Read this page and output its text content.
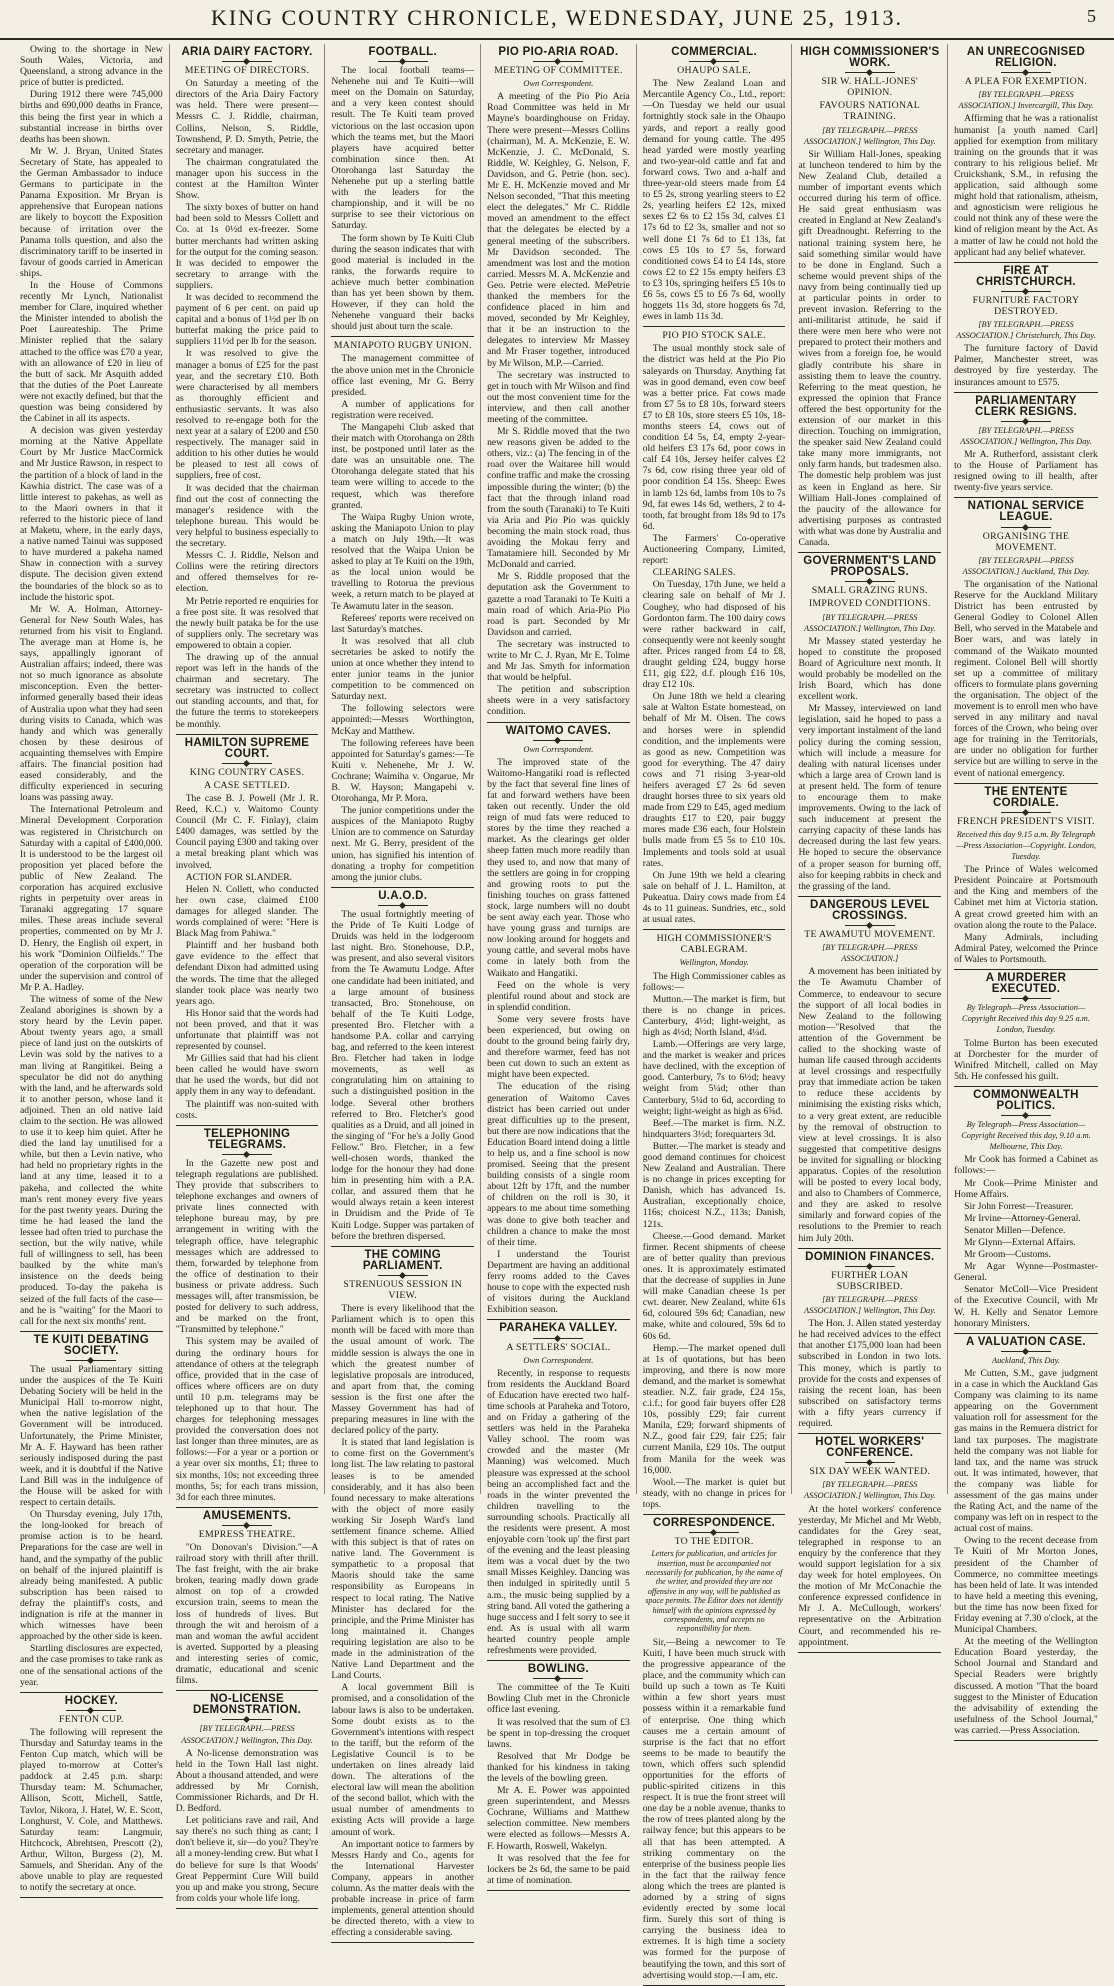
KING COUNTRY CHRONICLE, WEDNESDAY, JUNE 25, 1913.	5
Owing to the shortage in New South Wales, Victoria, and Queensland, a strong advance in the price of butter is predicted.
During 1912 there were 745,000 births and 690,000 deaths in France, this being the first year in which a substantial increase in births over deaths has been shown.
Mr W. J. Bryan, United States Secretary of State, has appealed to the German Ambassador to induce Germans to participate in the Panama Exposition. Mr Bryan is apprehensive that European nations are likely to boycott the Exposition because of irritation over the Panama tolls question, and also the discriminatory tariff to be inserted in favour of goods carried in American ships.
In the House of Commons recently Mr Lynch, Nationalist member for Clare, inquired whether the Minister intended to abolish the Poet Laureateship. The Prime Minister replied that the salary attached to the office was £70 a year, with an allowance of £20 in lieu of the butt of sack. Mr Asquith added that the duties of the Poet Laureate were not exactly defined, but that the question was being considered by the Cabinet in all its aspects.
A decision was given yesterday morning at the Native Appellate Court by Mr Justice MacCormick and Mr Justice Rawson, in respect to the partition of a block of land in the Kawhia district. The case was of a little interest to pakehas, as well as to the Maori owners in that it referred to the historic piece of land at Maketu, where, in the early days, a native named Tainui was supposed to have murdered a pakeha named Shaw in connection with a survey dispute. The decision given extend the boundaries of the block so as to include the historic spot.
Mr W. A. Holman, Attorney-General for New South Wales, has returned from his visit to England. The average man at Home is, he says, appallingly ignorant of Australian affairs; indeed, there was not so much ignorance as absolute misconception. Even the better-informed generally based their ideas of Australia upon what they had seen during visits to Canada, which was handy and which was generally chosen by these desirous of acquainting themselves with Empire affairs. The financial position had eased considerably, and the difficulty experienced in securing loans was passing away.
The International Petroleum and Mineral Development Corporation was registered in Christchurch on Saturday with a capital of £400,000. It is understood to be the largest oil proposition yet placed before the public of New Zealand. The corporation has acquired exclusive rights in perpetuity over areas in Taranaki aggregating 17 square miles. These areas include several properties, commented on by Mr J. D. Henry, the English oil expert, in his work "Dominion Oilfields." The operation of the corporation will be under the supervision and control of Mr P. A. Hadley.
The witness of some of the New Zealand aborigines is shown by a story heard by the Levin paper. About twenty years ago, a small piece of land just on the outskirts of Levin was sold by the natives to a man living at Rangitikei. Being a speculator he did not do anything with the land, and he afterwards sold it to another person, whose land it adjoined. Then an old native laid claim to the section. He was allowed to use it to keep him quiet. After he died the land lay unutilised for a while, but then a Levin native, who had held no proprietary rights in the land at any time, leased it to a pakeha, and collected the white man's rent money every five years for the past twenty years. During the time he had leased the land the lessee had often tried to purchase the section, but the wily native, while full of willingness to sell, has been baulked by the white man's insistence on the deeds being produced. To-day the pakeha is seized of the full facts of the case—and he is "waiting" for the Maori to call for the next six months' rent.
TE KUITI DEBATING SOCIETY.
The usual Parliamentary sitting under the auspices of the Te Kuiti Debating Society will be held in the Municipal Hall to-morrow night, when the native legislation of the Government will be introduced. Unfortunately, the Prime Minister, Mr A. F. Hayward has been rather seriously indisposed during the past week, and it is doubtful if the Native Land Bill was in the indulgence of the House will be asked for with respect to certain details.
On Thursday evening, July 17th, the long-looked for breach of promise action is to be heard. Preparations for the case are well in hand, and the sympathy of the public on behalf of the injured plaintiff is already being manifested. A public subscription has been raised to defray the plaintiff's costs, and indignation is rife at the manner in which witnesses have been approached by the other side is keen.
Startling disclosures are expected, and the case promises to take rank as one of the sensational actions of the year.
HOCKEY.
FENTON CUP.
The following will represent the Thursday and Saturday teams in the Fenton Cup match, which will be played to-morrow at Cotter's paddock at 2.45 p.m. sharp: Thursday team: M. Schumacher, Allison, Scott, Michell, Sattle, Tavlor, Nikora, J. Hatel, W. E. Scott, Longhurst, V. Cole, and Matthews. Saturday team: Langmuir, Hitchcock, Abrehtsen, Prescott (2), Arthur, Wilton, Burgess (2), M. Samuels, and Sheridan. Any of the above unable to play are requested to notify the secretary at once.
ARIA DAIRY FACTORY.
MEETING OF DIRECTORS.
On Saturday a meeting of the directors of the Aria Dairy Factory was held. There were present—Messrs C. J. Riddle, chairman, Collins, Nelson, S. Riddle, Townshend, P. D. Smyth, Petrie, the secretary and manager.
The chairman congratulated the manager upon his success in the contest at the Hamilton Winter Show.
The sixty boxes of butter on hand had been sold to Messrs Collett and Co. at 1s 0½d ex-freezer. Some butter merchants had written asking for the output for the coming season. It was decided to empower the secretary to arrange with the suppliers.
It was decided to recommend the payment of 6 per cent. on paid up capital and a bonus of 1½d per lb on butterfat making the price paid to suppliers 11½d per lb for the season.
It was resolved to give the manager a bonus of £25 for the past year, and the secretary £10. Both were characterised by all members as thoroughly efficient and enthusiastic servants. It was also resolved to re-engage both for the next year at a salary of £200 and £50 respectively. The manager said in addition to his other duties he would be pleased to test all cows of suppliers, free of cost.
It was decided that the chairman find out the cost of connecting the manager's residence with the telephone bureau. This would be very helpful to business especially to the secretary.
Messrs C. J. Riddle, Nelson and Collins were the retiring directors and offered themselves for re-election.
Mr Petrie reported re enquiries for a free post site. It was resolved that the newly built pataka be for the use of suppliers only. The secretary was empowered to obtain a copier.
The drawing up of the annual report was left in the hands of the chairman and secretary. The secretary was instructed to collect out standing accounts, and that, for the future the terms to storekeepers be monthly.
HAMILTON SUPREME COURT.
KING COUNTRY CASES.
A CASE SETTLED.
The case B. J. Powell (Mr J. R. Reed, K.C.) v. Waitomo County Council (Mr C. F. Finlay), claim £400 damages, was settled by the Council paying £300 and taking over a metal breaking plant which was involved.
ACTION FOR SLANDER.
Helen N. Collett, who conducted her own case, claimed £100 damages for alleged slander. The words complained of were: "Here is Black Mag from Pahiwa."
Plaintiff and her husband both gave evidence to the effect that defendant Dixon had admitted using the words. The time that the alleged slander took place was nearly two years ago.
His Honor said that the words had not been proved, and that it was unfortunate that plaintiff was not represented by counsel.
Mr Gillies said that had his client been called he would have sworn that he used the words, but did not apply them in any way to defendant.
The plaintiff was non-suited with costs.
TELEPHONING TELEGRAMS.
In the Gazette new post and telegraph regulations are published. They provide that subscribers to telephone exchanges and owners of private lines connected with telephone bureau may, by pre arrangement in writing with the telegraph office, have telegraphic messages which are addressed to them, forwarded by telephone from the office of destination to their business or private address. Such messages will, after transmission, be posted for delivery to such address, and be marked on the front, "Transmitted by telephone."
This system may be availed of during the ordinary hours for attendance of others at the telegraph office, provided that in the case of offices where officers are on duty until 10 p.m. telegrams may be telephoned up to that hour. The charges for telephoning messages provided the conversation does not last longer than three minutes, are as follows:—For a year or a portion or a year over six months, £1; three to six months, 10s; not exceeding three months, 5s; for each trans mission, 3d for each three minutes.
AMUSEMENTS.
EMPRESS THEATRE.
"On Donovan's Division."—A railroad story with thrill after thrill. The fast freight, with the air brake broken, tearing madly down grade almost on top of a crowded excursion train, seems to mean the loss of hundreds of lives. But through the wit and heroism of a man and woman the awful accident is averted. Supported by a pleasing and interesting series of comic, dramatic, educational and scenic films.
NO-LICENSE DEMONSTRATION.
[BY TELEGRAPH.—PRESS ASSOCIATION.] Wellington, This Day.
A No-license demonstration was held in the Town Hall last night. About a thousand attended, and were addressed by Mr Cornish, Commissioner Richards, and Dr H. D. Bedford.
Let politicians rave and rail, And say there's no such thing as cant; I don't believe it, sir—do you? They're all a money-lending crew. But what I do believe for sure Is that Woods' Great Peppermint Cure Will build you up and make you strong, Secure from colds your whole life long.
FOOTBALL.
The local football teams—Nehenehe nui and Te Kuiti—will meet on the Domain on Saturday, and a very keen contest should result. The Te Kuiti team proved victorious on the last occasion upon which the teams met, but the Maori players have acquired better combination since then. At Otorohanga last Saturday the Nehenehe put up a sterling battle with the leaders for the championship, and it will be no surprise to see their victorious on Saturday.
The form shown by Te Kuiti Club during the season indicates that with good material is included in the ranks, the forwards require to achieve much better combination than has yet been shown by them. However, if they can hold the Nehenehe vanguard their backs should just about turn the scale.
MANIAPOTO RUGBY UNION.
The management committee of the above union met in the Chronicle office last evening, Mr G. Berry presided.
A number of applications for registration were received.
The Mangapehi Club asked that their match with Otorohanga on 28th inst. be postponed until later as the date was an unsuitable one. The Otorohanga delegate stated that his team were willing to accede to the request, which was therefore granted.
The Waipa Rugby Union wrote, asking the Maniapoto Union to play a match on July 19th.—It was resolved that the Waipa Union be asked to play at Te Kuiti on the 19th, as the local union would be travelling to Rotorua the previous week, a return match to be played at Te Awamutu later in the season.
Referees' reports were received on last Saturday's matches.
It was resolved that all club secretaries be asked to notify the union at once whether they intend to enter junior teams in the junior competition to be commenced on Saturday next.
The following selectors were appointed:—Messrs Worthington, McKay and Matthew.
The following referees have been appointed for Saturday's games:—Te Kuiti v. Nehenehe, Mr J. W. Cochrane; Waimiha v. Ongarue, Mr B. W. Hayson; Mangapehi v. Otorohanga, Mr P. Mora.
The junior competitions under the auspices of the Maniapoto Rugby Union are to commence on Saturday next. Mr G. Berry, president of the union, has signified his intention of donating a trophy for competition among the junior clubs.
U.A.O.D.
The usual fortnightly meeting of the Pride of Te Kuiti Lodge of Druids was held in the lodgeroom last night. Bro. Stonehouse, D.P., was present, and also several visitors from the Te Awamutu Lodge. After one candidate had been initiated, and a large amount of business transacted, Bro. Stonehouse, on behalf of the Te Kuiti Lodge, presented Bro. Fletcher with a handsome P.A. collar and carrying bag, and referred to the keen interest Bro. Fletcher had taken in lodge movements, as well as congratulating him on attaining to such a distinguished position in the lodge. Several other brothers referred to Bro. Fletcher's good qualities as a Druid, and all joined in the singing of "For he's a Jolly Good Fellow." Bro. Fletcher, in a few well-chosen words, thanked the lodge for the honour they had done him in presenting him with a P.A. collar, and assured them that he would always retain a keen interest in Druidism and the Pride of Te Kuiti Lodge. Supper was partaken of before the brethren dispersed.
THE COMING PARLIAMENT.
STRENUOUS SESSION IN VIEW.
There is every likelihood that the Parliament which is to open this month will be faced with more than the usual amount of work. The middle session is always the one in which the greatest number of legislative proposals are introduced, and apart from that, the coming session is the first one after the Massey Government has had of preparing measures in line with the declared policy of the party.
It is stated that land legislation is to come first on the Government's long list. The law relating to pastoral leases is to be amended considerably, and it has also been found necessary to make alterations with the object of more easily working Sir Joseph Ward's land settlement finance scheme. Allied with this subject is that of rates on native land. The Government is sympathetic to a proposal that Maoris should take the same responsibility as Europeans in respect to local rating. The Native Minister has declared for the principle, and the Prime Minister has long maintained it. Changes requiring legislation are also to be made in the administration of the Native Land Department and the Land Courts.
A local government Bill is promised, and a consolidation of the labour laws is also to be undertaken. Some doubt exists as to the Government's intentions with respect to the tariff, but the reform of the Legislative Council is to be undertaken on lines already laid down. The alterations of the electoral law will mean the abolition of the second ballot, which with the usual number of amendments to existing Acts will provide a large amount of work.
An important notice to farmers by Messrs Hardy and Co., agents for the International Harvester Company, appears in another column. As the matter deals with the probable increase in price of farm implements, general attention should be directed thereto, with a view to effecting a considerable saving.
PIO PIO-ARIA ROAD.
MEETING OF COMMITTEE.
Own Correspondent.
A meeting of the Pio Pio Aria Road Committee was held in Mr Mayne's boardinghouse on Friday. There were present—Messrs Collins (chairman), M. A. McKenzie, E. W. McKenzie, J. C. McDonald, S. Riddle, W. Keighley, G. Nelson, F. Davidson, and G. Petrie (hon. sec). Mr E. H. McKenzie moved and Mr Nelson seconded, "That this meeting elect the delegates." Mr C. Riddle moved an amendment to the effect that the delegates be elected by a general meeting of the subscribers. Mr Davidson seconded. The amendment was lost and the motion carried. Messrs M. A. McKenzie and Geo. Petrie were elected. MePetrie thanked the members for the confidence placed in him and moved, seconded by Mr Keighley, that it be an instruction to the delegates to interview Mr Massey and Mr Fraser together, introduced by Mr Wilson, M.P.—Carried.
The secretary was instructed to get in touch with Mr Wilson and find out the most convenient time for the interview, and then call another meeting of the committee.
Mr S. Riddle moved that the two new reasons given be added to the others, viz.: (a) The fencing in of the road over the Waitaree hill would confine traffic and make the crossing impossible during the winter; (b) the fact that the through inland road from the south (Taranaki) to Te Kuiti via Aria and Pio Pio was quickly becoming the main stock road, thus avoiding the Mokau ferry and Tamatamiere hill. Seconded by Mr McDonald and carried.
Mr S. Riddle proposed that the deputation ask the Government to gazette a road Taranaki to Te Kuiti a main road of which Aria-Pio Pio road is part. Seconded by Mr Davidson and carried.
The secretary was instructed to write to Mr C. J. Ryan, Mr E. Tolme and Mr Jas. Smyth for information that would be helpful.
The petition and subscription sheets were in a very satisfactory condition.
WAITOMO CAVES.
Own Correspondent.
The improved state of the Waitomo-Hangatiki road is reflected by the fact that several fine lines of fat and forward wethers have been taken out recently. Under the old reign of mud fats were reduced to stores by the time they reached a market. As the clearings get older sheep fatten much more readily than they used to, and now that many of the settlers are going in for cropping and growing roots to put the finishing touches on grass fattened stock, large numbers will no doubt be sent away each year. Those who have young grass and turnips are now looking around for hoggets and young cattle, and several mobs have come in lately both from the Waikato and Hangatiki.
Feed on the whole is very plentiful round about and stock are in splendid condition.
Some very severe frosts have been experienced, but owing on doubt to the ground being fairly dry, and therefore warmer, feed has not been cut down to such an extent as might have been expected.
The education of the rising generation of Waitomo Caves district has been carried out under great difficulties up to the present, but there are now indications that the Education Board intend doing a little to help us, and a fine school is now promised. Seeing that the present building consists of a single room about 12ft by 17ft, and the number of children on the roll is 30, it appears to me about time something was done to give both teacher and children a chance to make the most of their time.
I understand the Tourist Department are having an additional ferry rooms added to the Caves house to cope with the expected rush of visitors during the Auckland Exhibition season.
PARAHEKA VALLEY.
A SETTLERS' SOCIAL.
Own Correspondent.
Recently, in response to requests from residents the Auckland Board of Education have erected two half-time schools at Paraheka and Totoro, and on Friday a gathering of the settlers was held in the Paraheka Valley school. The room was crowded and the master (Mr Manning) was welcomed. Much pleasure was expressed at the school being an accomplished fact and the roads in the winter prevented the children travelling to the surrounding schools. Practically all the residents were present. A most enjoyable corn 'took up' the first part of the evening and the least pleasing item was a vocal duet by the two small Misses Keighley. Dancing was then indulged in spiritedly until 5 a.m., the music being supplied by a string band. All voted the gathering a huge success and I felt sorry to see it end. As is usual with all warm hearted country people ample refreshments were provided.
BOWLING.
The committee of the Te Kuiti Bowling Club met in the Chronicle office last evening.
It was resolved that the sum of £3 be spent in top-dressing the croquet lawns.
Resolved that Mr Dodge be thanked for his kindness in taking the levels of the bowling green.
Mr A. E. Power was appointed green superintendent, and Messrs Cochrane, Williams and Matthew selection committee. New members were elected as follows—Messrs A. F. Howarth, Roswell, Wakelyn.
It was resolved that the fee for lockers be 2s 6d, the same to be paid at time of nomination.
COMMERCIAL.
OHAUPO SALE.
The New Zealand Loan and Mercantile Agency Co., Ltd., report:—On Tuesday we held our usual fortnightly stock sale in the Ohaupo yards, and report a really good demand for young cattle. The 495 head yarded were mostly yearling and two-year-old cattle and fat and forward cows. Two and a-half and three-year-old steers made from £4 to £5 2s, strong yearling steers to £2 2s, yearling heifers £2 12s, mixed sexes £2 6s to £2 15s 3d, calves £1 17s 6d to £2 3s, smaller and not so well done £1 7s 6d to £1 13s, fat cows £5 10s to £7 5s, forward conditioned cows £4 to £4 14s, store cows £2 to £2 15s empty heifers £3 to £3 10s, springing heifers £5 10s to £6 5s, cows £5 to £6 7s 6d, woolly hoggets 11s 3d, store hoggets 6s 7d, ewes in lamb 11s 3d.
PIO PIO STOCK SALE.
The usual monthly stock sale of the district was held at the Pio Pio saleyards on Thursday. Anything fat was in good demand, even cow beef was a better price. Fat cows made from £7 5s to £8 10s, forward steers £7 to £8 10s, store steers £5 10s, 18-months steers £4, cows out of condition £4 5s, £4, empty 2-year-old heifers £3 17s 6d, poor cows in calf £4 10s, Jersey heifer calves £2 7s 6d, cow rising three year old of poor condition £4 15s. Sheep: Ewes in lamb 12s 6d, lambs from 10s to 7s 9d, fat ewes 14s 6d, wethers, 2 to 4-tooth, fat brought from 18s 9d to 17s 6d.
The Farmers' Co-operative Auctioneering Company, Limited, report:
CLEARING SALES.
On Tuesday, 17th June, we held a clearing sale on behalf of Mr J. Coughey, who had disposed of his Gordonton farm. The 100 dairy cows were rather backward in calf, consequently were not keenly sought after. Prices ranged from £4 to £8, draught gelding £24, buggy horse £11, gig £22, d.f. plough £16 10s, dray £12 10s.
On June 18th we held a clearing sale at Walton Estate homestead, on behalf of Mr M. Olsen. The cows and horses were in splendid condition, and the implements were as good as new. Competition was good for everything. The 47 dairy cows and 71 rising 3-year-old heifers averaged £7 2s 6d seven draught horses three to six years old made from £29 to £45, aged medium draughts £17 to £20, pair buggy mares made £36 each, four Holstein bulls made from £5 5s to £10 10s. Implements and tools sold at usual rates.
On June 19th we held a clearing sale on behalf of J. L. Hamilton, at Pukeatua. Dairy cows made from £4 4s to 11 guineas. Sundries, etc., sold at usual rates.
HIGH COMMISSIONER'S CABLEGRAM.
Wellington, Monday.
The High Commissioner cables as follows:—
Mutton.—The market is firm, but there is no change in prices. Canterbury, 4½d; light-weight, as high as 4½d; North Island, 4¼d.
Lamb.—Offerings are very large, and the market is weaker and prices have declined, with the exception of good. Canterbury, 7s to 6½d; heavy weight from 5¼d; other than Canterbury, 5¼d to 6d, according to weight; light-weight as high as 6⅝d.
Beef.—The market is firm. N.Z. hindquarters 3½d; forequarters 3d.
Butter.—The market is steady and good demand continues for choicest New Zealand and Australian. There is no change in prices excepting for Danish, which has advanced 1s. Australian, exceptionally choice, 116s; choicest N.Z., 113s; Danish, 121s.
Cheese.—Good demand. Market firmer. Recent shipments of cheese are of better quality than previous ones. It is approximately estimated that the decrease of supplies in June will make Canadian cheese 1s per cwt. dearer. New Zealand, white 61s 6d, coloured 59s 6d; Canadian, new make, white and coloured, 59s 6d to 60s 6d.
Hemp.—The market opened dull at 1s of quotations, but has been improving, and there is now more demand, and the market is somewhat steadier. N.Z. fair grade, £24 15s, c.i.f.; for good fair buyers offer £28 10s, possibly £29; fair current Manila, £29; forward shipments of N.Z., good fair £29, fair £25; fair current Manila, £29 10s. The output from Manila for the week was 16,000.
Wool.—The market is quiet but steady, with no change in prices for tops.
CORRESPONDENCE.
TO THE EDITOR.
Letters for publication, and articles for insertion, must be accompanied not necessarily for publication, by the name of the writer, and provided they are not offensive in any way, will be published as space permits. The Editor does not identify himself with the opinions expressed by correspondents, and accepts no responsibility for them.
Sir,—Being a newcomer to Te Kuiti, I have been much struck with the progressive appearance of the place, and the community which can build up such a town as Te Kuiti within a few short years must possess within it a remarkable fund of enterprise. One thing which causes me a certain amount of surprise is the fact that no effort seems to be made to beautify the town, which offers such splendid opportunities for the efforts of public-spirited citizens in this respect. It is true the front street will one day be a noble avenue, thanks to the row of trees planted along by the railway fence; but this appears to be all that has been attempted. A striking commentary on the enterprise of the business people lies in the fact that the railway fence along which the trees are planted is adorned by a string of signs evidently erected by some local firm. Surely this sort of thing is carrying the business idea to extremes. It is high time a society was formed for the purpose of beautifying the town, and this sort of advertising would stop.—I am, etc.
HIGH COMMISSIONER'S WORK.
SIR W. HALL-JONES' OPINION.
FAVOURS NATIONAL TRAINING.
[BY TELEGRAPH.—PRESS ASSOCIATION.] Wellington, This Day.
Sir William Hall-Jones, speaking at luncheon tendered to him by the New Zealand Club, detailed a number of important events which occurred during his term of office. He said great enthusiasm was created in England at New Zealand's gift Dreadnought. Referring to the national training system here, he said something similar would have to be done in England. Such a scheme would prevent ships of the navy from being continually tied up at particular points in order to prevent invasion. Referring to the anti-militarist attitude, he said if there were men here who were not prepared to protect their mothers and wives from a foreign foe, he would gladly contribute his share in assisting them to leave the country. Referring to the meat question, he expressed the opinion that France offered the best opportunity for the extension of our market in this direction. Touching on immigration, the speaker said New Zealand could take many more immigrants, not only farm hands, but tradesmen also. The domestic help problem was just as keen in England as here. Sir William Hall-Jones complained of the paucity of the allowance for advertising purposes as contrasted with what was done by Australia and Canada.
GOVERNMENT'S LAND PROPOSALS.
SMALL GRAZING RUNS.
IMPROVED CONDITIONS.
[BY TELEGRAPH.—PRESS ASSOCIATION.] Wellington, This Day.
Mr Massey stated yesterday he hoped to constitute the proposed Board of Agriculture next month. It would probably be modelled on the Irish Board, which has done excellent work.
Mr Massey, interviewed on land legislation, said he hoped to pass a very important instalment of the land policy during the coming session, which will include a measure for dealing with natural licenses under which a large area of Crown land is at present held. The form of tenure to encourage them to make improvements. Owing to the lack of such inducement at present the carrying capacity of these lands has decreased during the last few years. He hoped to secure the observance of a proper season for burning off, also for keeping rabbits in check and the grassing of the land.
DANGEROUS LEVEL CROSSINGS.
TE AWAMUTU MOVEMENT.
[BY TELEGRAPH.—PRESS ASSOCIATION.]
A movement has been initiated by the Te Awamutu Chamber of Commerce, to endeavour to secure the support of all local bodies in New Zealand to the following motion—"Resolved that the attention of the Government be called to the shocking waste of human life caused through accidents at level crossings and respectfully pray that immediate action be taken to reduce these accidents by minimising the existing risks which, to a very great extent, are reducible by the removal of obstruction to view at level crossings. It is also suggested that competitive designs be invited for signalling or blocking apparatus. Copies of the resolution will be posted to every local body, and also to Chambers of Commerce, and they are asked to resolve similarly and forward copies of the resolutions to the Premier to reach him July 20th.
DOMINION FINANCES.
FURTHER LOAN SUBSCRIBED.
[BY TELEGRAPH.—PRESS ASSOCIATION.] Wellington, This Day.
The Hon. J. Allen stated yesterday he had received advices to the effect that another £175,000 loan had been subscribed in London in two lots. This money, which is partly to provide for the costs and expenses of raising the recent loan, has been subscribed on satisfactory terms with a fifty years currency if required.
HOTEL WORKERS' CONFERENCE.
SIX DAY WEEK WANTED.
[BY TELEGRAPH.—PRESS ASSOCIATION.] Wellington, This Day.
At the hotel workers' conference yesterday, Mr Michel and Mr Webb, candidates for the Grey seat, telegraphed in response to an enquiry by the conference that they would support legislation for a six day week for hotel employees. On the motion of Mr McConachie the conference expressed confidence in Mr J. A. McCullough, workers' representative on the Arbitration Court, and recommended his re-appointment.
AN UNRECOGNISED RELIGION.
A PLEA FOR EXEMPTION.
[BY TELEGRAPH.—PRESS ASSOCIATION.] Invercargill, This Day.
Affirming that he was a rationalist humanist [a youth named Carl] applied for exemption from military training on the grounds that it was contrary to his religious belief. Mr Cruickshank, S.M., in refusing the application, said although some might hold that rationalism, atheism, and agnosticism were religious he could not think any of these were the kind of religion meant by the Act. As a matter of law he could not hold the applicant had any belief whatever.
FIRE AT CHRISTCHURCH.
FURNITURE FACTORY DESTROYED.
[BY TELEGRAPH.—PRESS ASSOCIATION.] Christchurch, This Day.
The furniture factory of David Palmer, Manchester street, was destroyed by fire yesterday. The insurances amount to £575.
PARLIAMENTARY CLERK RESIGNS.
[BY TELEGRAPH.—PRESS ASSOCIATION.] Wellington, This Day.
Mr A. Rutherford, assistant clerk to the House of Parliament has resigned owing to ill health, after twenty-five years service.
NATIONAL SERVICE LEAGUE.
ORGANISING THE MOVEMENT.
[BY TELEGRAPH.—PRESS ASSOCIATION.] Auckland, This Day.
The organisation of the National Reserve for the Auckland Military District has been entrusted by General Godley to Colonel Allen Bell, who served in the Matabele and Boer wars, and was lately in command of the Waikato mounted regiment. Colonel Bell will shortly set up a committee of military officers to formulate plans governing the organisation. The object of the movement is to enroll men who have served in any military and naval forces of the Crown, who being over age for training in the Territorials, are under no obligation for further service but are willing to serve in the event of national emergency.
THE ENTENTE CORDIALE.
FRENCH PRESIDENT'S VISIT.
Received this day 9.15 a.m. By Telegraph—Press Association—Copyright. London, Tuesday.
The Prince of Wales welcomed President Poincaire at Portsmouth and the King and members of the Cabinet met him at Victoria station. A great crowd greeted him with an ovation along the route to the Palace.
Many Admirals, including Admiral Patey, welcomed the Prince of Wales to Portsmouth.
A MURDERER EXECUTED.
By Telegraph—Press Association—Copyright Received this day 9.25 a.m. London, Tuesday.
Tolme Burton has been executed at Dorchester for the murder of Winifred Mitchell, called on May 5th. He confessed his guilt.
COMMONWEALTH POLITICS.
By Telegraph—Press Association—Copyright Received this day, 9.10 a.m. Melbourne, This Day.
Mr Cook has formed a Cabinet as follows:—
Mr Cook—Prime Minister and Home Affairs.
Sir John Forrest—Treasurer.
Mr Irvine—Attorney-General.
Senator Millen—Defence.
Mr Glynn—External Affairs.
Mr Groom—Customs.
Mr Agar Wynne—Postmaster-General.
Senator McColl—Vice President of the Executive Council, with Mr W. H. Kelly and Senator Lemore honorary Ministers.
A VALUATION CASE.
Auckland, This Day.
Mr Cutten, S.M., gave judgment in a case in which the Auckland Gas Company was claiming to its name appearing on the Government valuation roll for assessment for the gas mains in the Remuera district for land tax purposes. The magistrate held the company was not liable for land tax, and the name was struck out. It was intimated, however, that the company was liable for assessment of the gas mains under the Rating Act, and the name of the company was left on in respect to the actual cost of mains.
Owing to the recent decease from Te Kuiti of Mr Morton Jones, president of the Chamber of Commerce, no committee meetings has been held of late. It was intended to have held a meeting this evening, but the time has now been fixed for Friday evening at 7.30 o'clock, at the Municipal Chambers.
At the meeting of the Wellington Education Board yesterday, the School Journal and Standard and Special Readers were brightly discussed. A motion "That the board suggest to the Minister of Education the advisability of extending the usefulness of the School Journal," was carried.—Press Association.
